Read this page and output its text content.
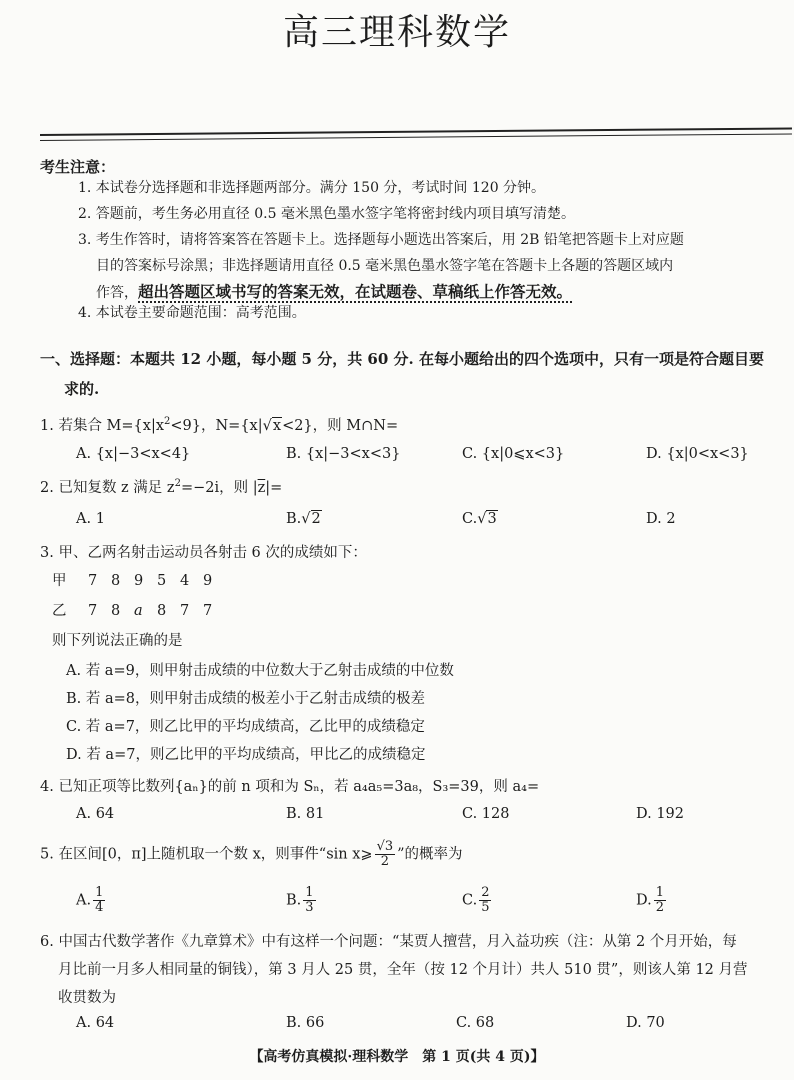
高三理科数学
考生注意：
1. 本试卷分选择题和非选择题两部分。满分 150 分，考试时间 120 分钟。
2. 答题前，考生务必用直径 0.5 毫米黑色墨水签字笔将密封线内项目填写清楚。
3. 考生作答时，请将答案答在答题卡上。选择题每小题选出答案后，用 2B 铅笔把答题卡上对应题
目的答案标号涂黑；非选择题请用直径 0.5 毫米黑色墨水签字笔在答题卡上各题的答题区域内
作答，超出答题区域书写的答案无效，在试题卷、草稿纸上作答无效。
4. 本试卷主要命题范围：高考范围。
一、选择题：本题共 12 小题，每小题 5 分，共 60 分. 在每小题给出的四个选项中，只有一项是符合题目要
求的.
1. 若集合 $M=\{x|x^2<9\}$，N={x|√x<2}，则 M∩N=
A. {x|−3<x<4}	B. {x|−3<x<3}	C. {x|0⩽x<3}	D. {x|0<x<3}
2. 已知复数 z 满足 $z^2=-2i$，则 $|\overline{z}|=$
A. 1	B.√2	C.√3	D. 2
3. 甲、乙两名射击运动员各射击 6 次的成绩如下：
甲 7 8 9 5 4 9
乙 7 8 a 8 7 7
则下列说法正确的是
A. 若 a=9，则甲射击成绩的中位数大于乙射击成绩的中位数
B. 若 a=8，则甲射击成绩的极差小于乙射击成绩的极差
C. 若 a=7，则乙比甲的平均成绩高，乙比甲的成绩稳定
D. 若 a=7，则乙比甲的平均成绩高，甲比乙的成绩稳定
4. 已知正项等比数列{aₙ}的前 n 项和为 Sₙ，若 a₄a₅=3a₈，S₃=39，则 a₄=
A. 64	B. 81	C. 128	D. 192
5. 在区间[0，π]上随机取一个数 x，则事件“sin x⩾ $\frac{√3}{2}$ ”的概率为
A. $\frac{1}{4}$	B. $\frac{1}{3}$	C. $\frac{2}{5}$	D. $\frac{1}{2}$
6. 中国古代数学著作《九章算术》中有这样一个问题：“某贾人擅营，月入益功疾（注：从第 2 个月开始，每
月比前一月多人相同量的铜钱），第 3 月人 25 贯，全年（按 12 个月计）共人 510 贯”，则该人第 12 月营
收贯数为
A. 64	B. 66	C. 68	D. 70
【高考仿真模拟·理科数学　第 1 页(共 4 页)】
